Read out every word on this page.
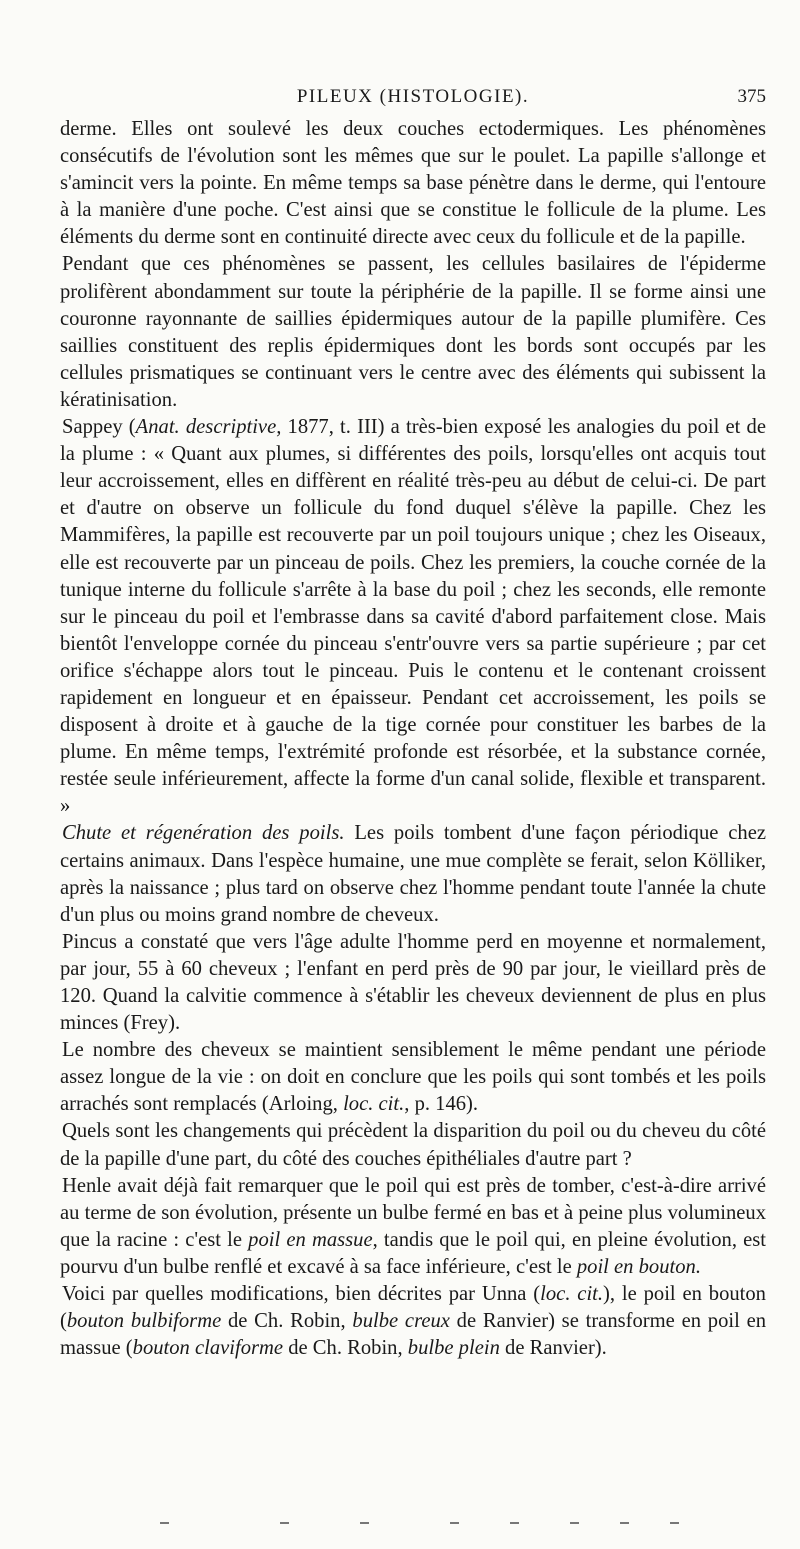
PILEUX (HISTOLOGIE).	375

derme. Elles ont soulevé les deux couches ectodermiques. Les phénomènes consécutifs de l'évolution sont les mêmes que sur le poulet. La papille s'allonge et s'amincit vers la pointe. En même temps sa base pénètre dans le derme, qui l'entoure à la manière d'une poche. C'est ainsi que se constitue le follicule de la plume. Les éléments du derme sont en continuité directe avec ceux du follicule et de la papille.

Pendant que ces phénomènes se passent, les cellules basilaires de l'épiderme prolifèrent abondamment sur toute la périphérie de la papille. Il se forme ainsi une couronne rayonnante de saillies épidermiques autour de la papille plumifère. Ces saillies constituent des replis épidermiques dont les bords sont occupés par les cellules prismatiques se continuant vers le centre avec des éléments qui subissent la kératinisation.

Sappey (Anat. descriptive, 1877, t. III) a très-bien exposé les analogies du poil et de la plume : « Quant aux plumes, si différentes des poils, lorsqu'elles ont acquis tout leur accroissement, elles en diffèrent en réalité très-peu au début de celui-ci. De part et d'autre on observe un follicule du fond duquel s'élève la papille. Chez les Mammifères, la papille est recouverte par un poil toujours unique ; chez les Oiseaux, elle est recouverte par un pinceau de poils. Chez les premiers, la couche cornée de la tunique interne du follicule s'arrête à la base du poil ; chez les seconds, elle remonte sur le pinceau du poil et l'embrasse dans sa cavité d'abord parfaitement close. Mais bientôt l'enveloppe cornée du pinceau s'entr'ouvre vers sa partie supérieure ; par cet orifice s'échappe alors tout le pinceau. Puis le contenu et le contenant croissent rapidement en longueur et en épaisseur. Pendant cet accroissement, les poils se disposent à droite et à gauche de la tige cornée pour constituer les barbes de la plume. En même temps, l'extrémité profonde est résorbée, et la substance cornée, restée seule inférieurement, affecte la forme d'un canal solide, flexible et transparent. »

Chute et régenération des poils. Les poils tombent d'une façon périodique chez certains animaux. Dans l'espèce humaine, une mue complète se ferait, selon Kölliker, après la naissance ; plus tard on observe chez l'homme pendant toute l'année la chute d'un plus ou moins grand nombre de cheveux.

Pincus a constaté que vers l'âge adulte l'homme perd en moyenne et normalement, par jour, 55 à 60 cheveux ; l'enfant en perd près de 90 par jour, le vieillard près de 120. Quand la calvitie commence à s'établir les cheveux deviennent de plus en plus minces (Frey).

Le nombre des cheveux se maintient sensiblement le même pendant une période assez longue de la vie : on doit en conclure que les poils qui sont tombés et les poils arrachés sont remplacés (Arloing, loc. cit., p. 146).

Quels sont les changements qui précèdent la disparition du poil ou du cheveu du côté de la papille d'une part, du côté des couches épithéliales d'autre part ?

Henle avait déjà fait remarquer que le poil qui est près de tomber, c'est-à-dire arrivé au terme de son évolution, présente un bulbe fermé en bas et à peine plus volumineux que la racine : c'est le poil en massue, tandis que le poil qui, en pleine évolution, est pourvu d'un bulbe renflé et excavé à sa face inférieure, c'est le poil en bouton.

Voici par quelles modifications, bien décrites par Unna (loc. cit.), le poil en bouton (bouton bulbiforme de Ch. Robin, bulbe creux de Ranvier) se transforme en poil en massue (bouton claviforme de Ch. Robin, bulbe plein de Ranvier).
